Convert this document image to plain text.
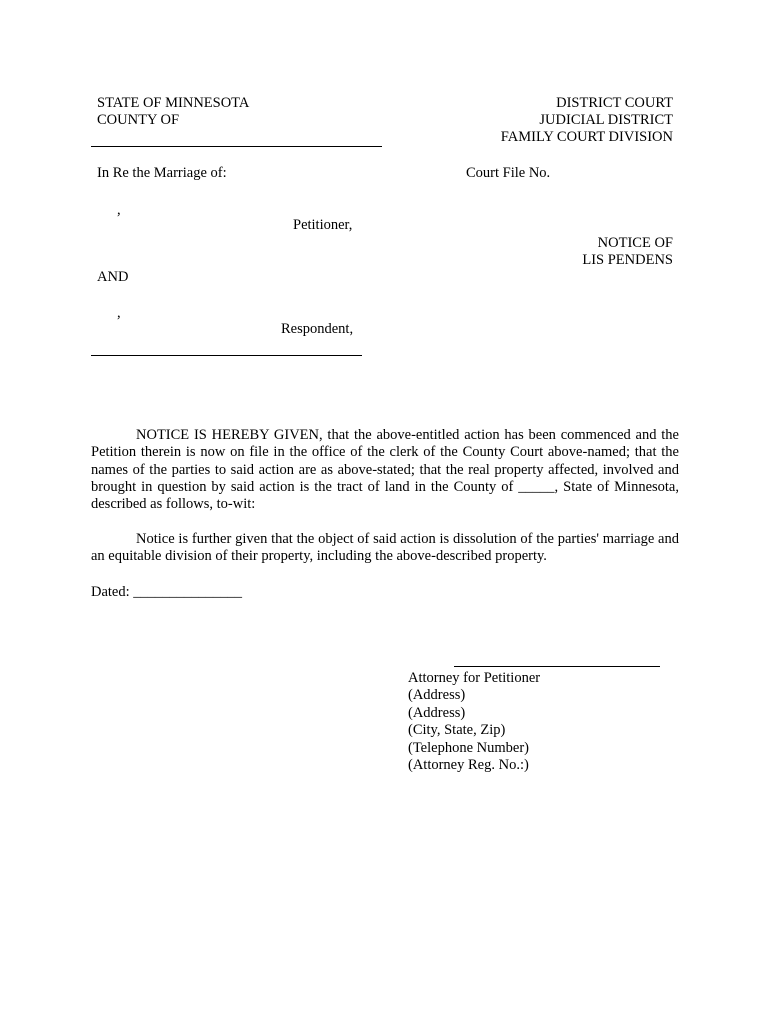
STATE OF MINNESOTA
COUNTY OF
DISTRICT COURT
JUDICIAL DISTRICT
FAMILY COURT DIVISION
In Re the Marriage of:	Court File No.
,
Petitioner,
NOTICE OF
LIS PENDENS
AND
,
Respondent,
NOTICE IS HEREBY GIVEN, that the above-entitled action has been commenced and the Petition therein is now on file in the office of the clerk of the County Court above-named; that the names of the parties to said action are as above-stated; that the real property affected, involved and brought in question by said action is the tract of land in the County of _____, State of Minnesota, described as follows, to-wit:
Notice is further given that the object of said action is dissolution of the parties' marriage and an equitable division of their property, including the above-described property.
Dated: _______________
Attorney for Petitioner
(Address)
(Address)
(City, State, Zip)
(Telephone Number)
(Attorney Reg. No.:)
